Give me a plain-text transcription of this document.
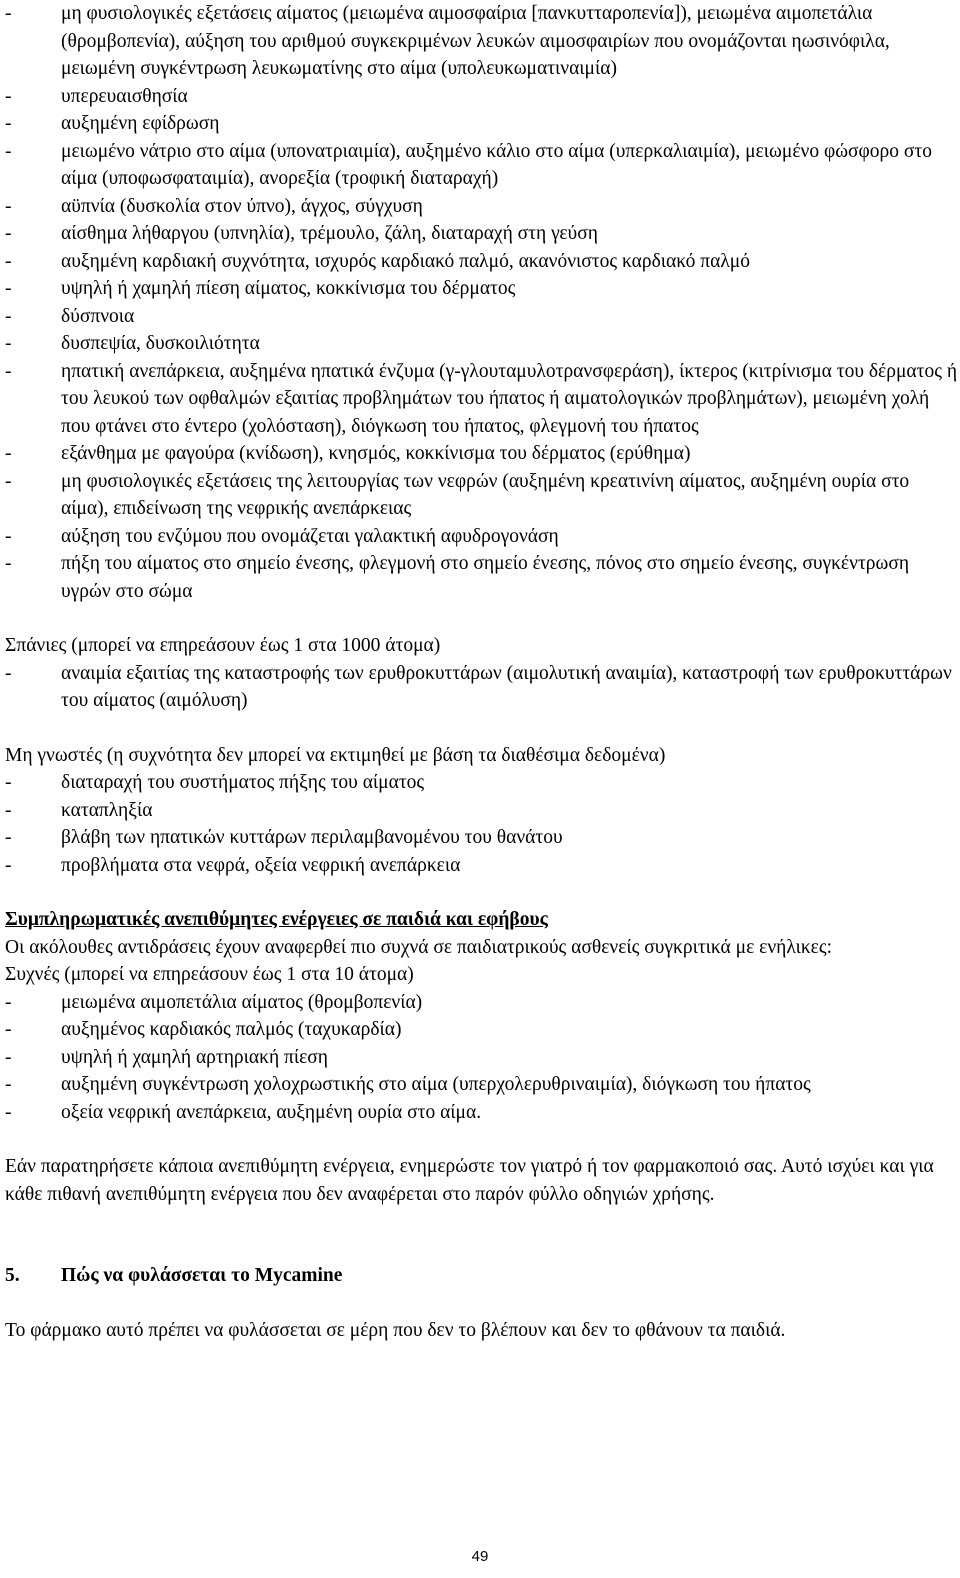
-	μη φυσιολογικές εξετάσεις αίματος (μειωμένα αιμοσφαίρια [πανκυτταροπενία]), μειωμένα αιμοπετάλια (θρομβοπενία), αύξηση του αριθμού συγκεκριμένων λευκών αιμοσφαιρίων που ονομάζονται ηωσινόφιλα, μειωμένη συγκέντρωση λευκωματίνης στο αίμα (υπολευκωματιναιμία)
-	υπερευαισθησία
-	αυξημένη εφίδρωση
-	μειωμένο νάτριο στο αίμα (υπονατριαιμία), αυξημένο κάλιο στο αίμα (υπερκαλιαιμία), μειωμένο φώσφορο στο αίμα (υποφωσφαταιμία), ανορεξία (τροφική διαταραχή)
-	αϋπνία (δυσκολία στον ύπνο), άγχος, σύγχυση
-	αίσθημα λήθαργου (υπνηλία), τρέμουλο, ζάλη, διαταραχή στη γεύση
-	αυξημένη καρδιακή συχνότητα, ισχυρός καρδιακό παλμό, ακανόνιστος καρδιακό παλμό
-	υψηλή ή χαμηλή πίεση αίματος, κοκκίνισμα του δέρματος
-	δύσπνοια
-	δυσπεψία, δυσκοιλιότητα
-	ηπατική ανεπάρκεια, αυξημένα ηπατικά ένζυμα (γ-γλουταμυλοτρανσφεράση), ίκτερος (κιτρίνισμα του δέρματος ή του λευκού των οφθαλμών εξαιτίας προβλημάτων του ήπατος ή αιματολογικών προβλημάτων), μειωμένη χολή που φτάνει στο έντερο (χολόσταση), διόγκωση του ήπατος, φλεγμονή του ήπατος
-	εξάνθημα με φαγούρα (κνίδωση), κνησμός, κοκκίνισμα του δέρματος (ερύθημα)
-	μη φυσιολογικές εξετάσεις της λειτουργίας των νεφρών (αυξημένη κρεατινίνη αίματος, αυξημένη ουρία στο αίμα), επιδείνωση της νεφρικής ανεπάρκειας
-	αύξηση του ενζύμου που ονομάζεται γαλακτική αφυδρογονάση
-	πήξη του αίματος στο σημείο ένεσης, φλεγμονή στο σημείο ένεσης, πόνος στο σημείο ένεσης, συγκέντρωση υγρών στο σώμα
Σπάνιες (μπορεί να επηρεάσουν έως 1 στα 1000 άτομα)
-	αναιμία εξαιτίας της καταστροφής των ερυθροκυττάρων (αιμολυτική αναιμία), καταστροφή των ερυθροκυττάρων του αίματος (αιμόλυση)
Μη γνωστές (η συχνότητα δεν μπορεί να εκτιμηθεί με βάση τα διαθέσιμα δεδομένα)
-	διαταραχή του συστήματος πήξης του αίματος
-	καταπληξία
-	βλάβη των ηπατικών κυττάρων περιλαμβανομένου του θανάτου
-	προβλήματα στα νεφρά, οξεία νεφρική ανεπάρκεια
Συμπληρωματικές ανεπιθύμητες ενέργειες σε παιδιά και εφήβους
Οι ακόλουθες αντιδράσεις έχουν αναφερθεί πιο συχνά σε παιδιατρικούς ασθενείς συγκριτικά με ενήλικες:
Συχνές (μπορεί να επηρεάσουν έως 1 στα 10 άτομα)
-	μειωμένα αιμοπετάλια αίματος (θρομβοπενία)
-	αυξημένος καρδιακός παλμός (ταχυκαρδία)
-	υψηλή ή χαμηλή αρτηριακή πίεση
-	αυξημένη συγκέντρωση χολοχρωστικής στο αίμα (υπερχολερυθριναιμία), διόγκωση του ήπατος
-	οξεία νεφρική ανεπάρκεια, αυξημένη ουρία στο αίμα.
Εάν παρατηρήσετε κάποια ανεπιθύμητη ενέργεια, ενημερώστε τον γιατρό ή τον φαρμακοποιό σας. Αυτό ισχύει και για κάθε πιθανή ανεπιθύμητη ενέργεια που δεν αναφέρεται στο παρόν φύλλο οδηγιών χρήσης.
5. Πώς να φυλάσσεται το Mycamine
Το φάρμακο αυτό πρέπει να φυλάσσεται σε μέρη που δεν το βλέπουν και δεν το φθάνουν τα παιδιά.
49
